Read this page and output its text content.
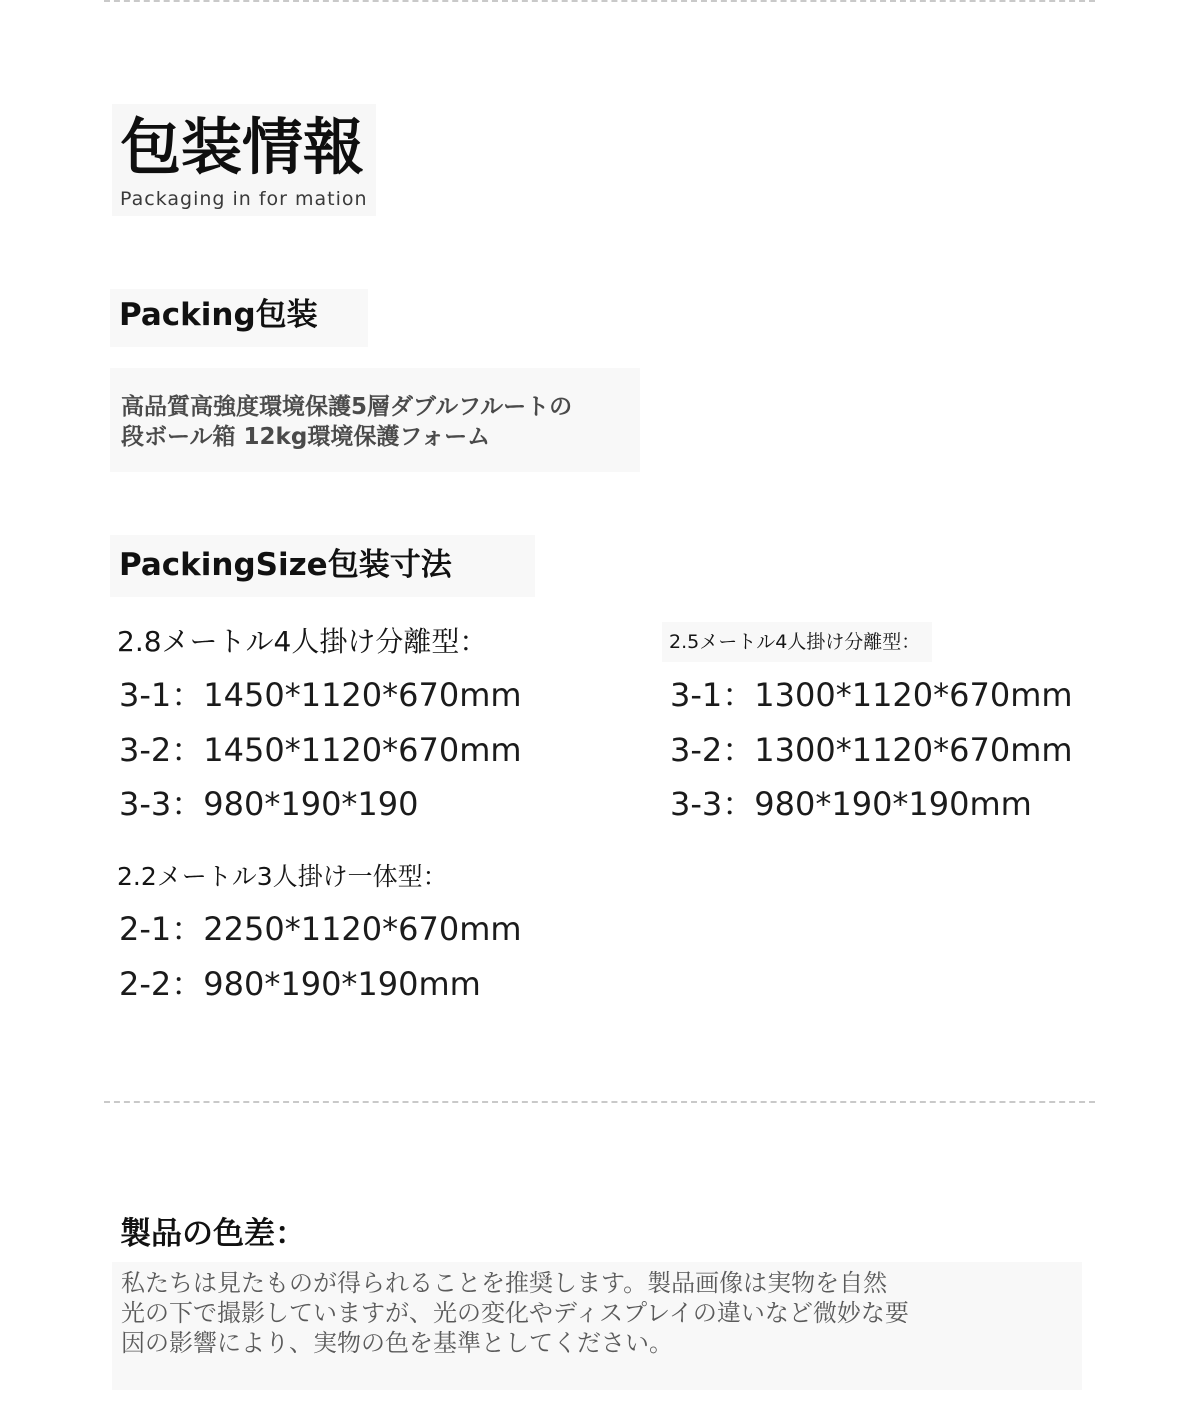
包装情報
Packaging in for mation
Packing包装
高品質高強度環境保護5層ダブルフルートの段ボール箱 12kg環境保護フォーム
PackingSize包装寸法
2.8メートル4人掛け分離型：
3-1：1450*1120*670mm
3-2：1450*1120*670mm
3-3：980*190*190
2.5メートル4人掛け分離型：
3-1：1300*1120*670mm
3-2：1300*1120*670mm
3-3：980*190*190mm
2.2メートル3人掛け一体型：
2-1：2250*1120*670mm
2-2：980*190*190mm
製品の色差：
私たちは見たものが得られることを推奨します。製品画像は実物を自然光の下で撮影していますが、光の変化やディスプレイの違いなど微妙な要因の影響により、実物の色を基準としてください。
